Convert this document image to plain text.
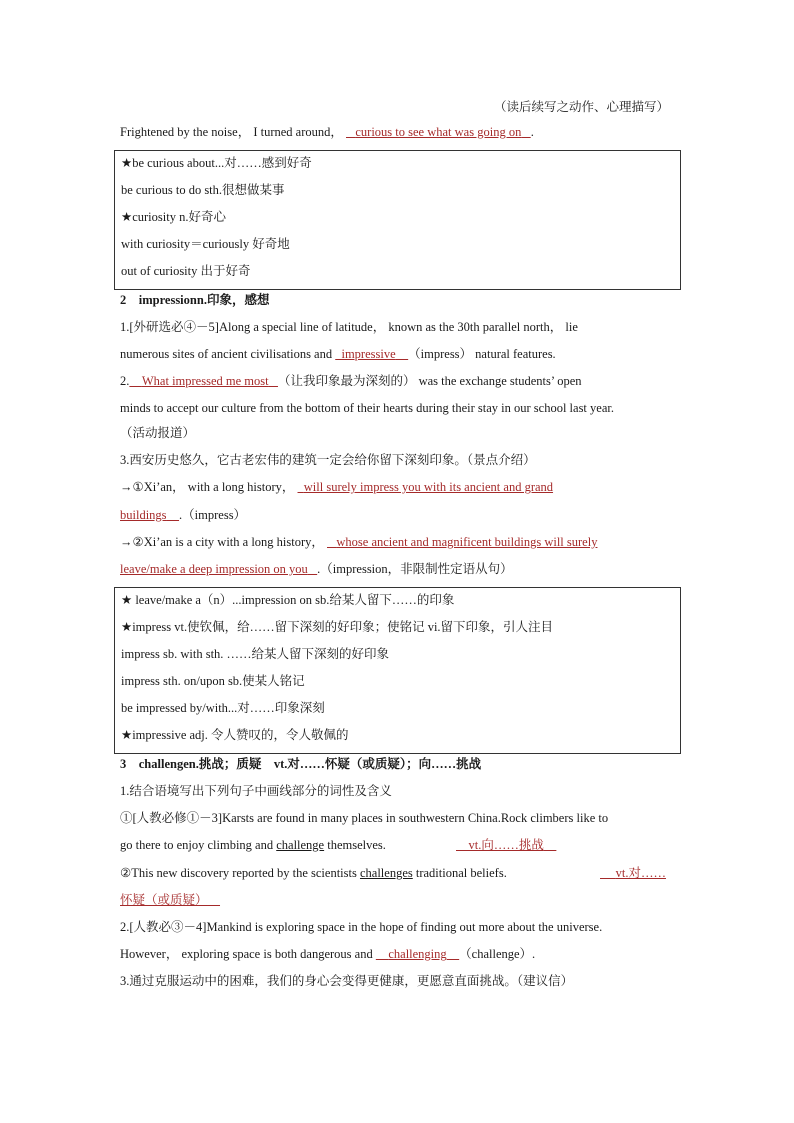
（读后续写之动作、心理描写）
Frightened by the noise， I turned around， curious to see what was going on .
★be curious about...对……感到好奇
be curious to do sth.很想做某事
★curiosity n.好奇心
with curiosity＝curiously 好奇地
out of curiosity 出于好奇
2　impressionn.印象，感想
1.[外研选必④－5]Along a special line of latitude， known as the 30th parallel north， lie
numerous sites of ancient civilisations and impressive （impress） natural features.
2. What impressed me most （让我印象最为深刻的） was the exchange students’ open
minds to accept our culture from the bottom of their hearts during their stay in our school last year.
（活动报道）
3.西安历史悠久，它古老宏伟的建筑一定会给你留下深刻印象。（景点介绍）
→①Xi’an， with a long history， will surely impress you with its ancient and grand
buildings .（impress）
→②Xi’an is a city with a long history， whose ancient and magnificent buildings will surely
leave/make a deep impression on you .（impression，非限制性定语从句）
★ leave/make a（n）...impression on sb.给某人留下……的印象
★impress vt.使钦佩，给……留下深刻的好印象；使铭记 vi.留下印象，引人注目
impress sb. with sth. ……给某人留下深刻的好印象
impress sth. on/upon sb.使某人铭记
be impressed by/with...对……印象深刻
★impressive adj. 令人赞叹的，令人敬佩的
3　challengen.挑战；质疑　vt.对……怀疑（或质疑）；向……挑战
1.结合语境写出下列句子中画线部分的词性及含义
①[人教必修①－3]Karsts are found in many places in southwestern China.Rock climbers like to
go there to enjoy climbing and challenge themselves.	vt.向……挑战
②This new discovery reported by the scientists challenges traditional beliefs.	vt.对……
怀疑（或质疑）
2.[人教必③－4]Mankind is exploring space in the hope of finding out more about the universe.
However， exploring space is both dangerous and challenging （challenge）.
3.通过克服运动中的困难，我们的身心会变得更健康，更愿意直面挑战。（建议信）
